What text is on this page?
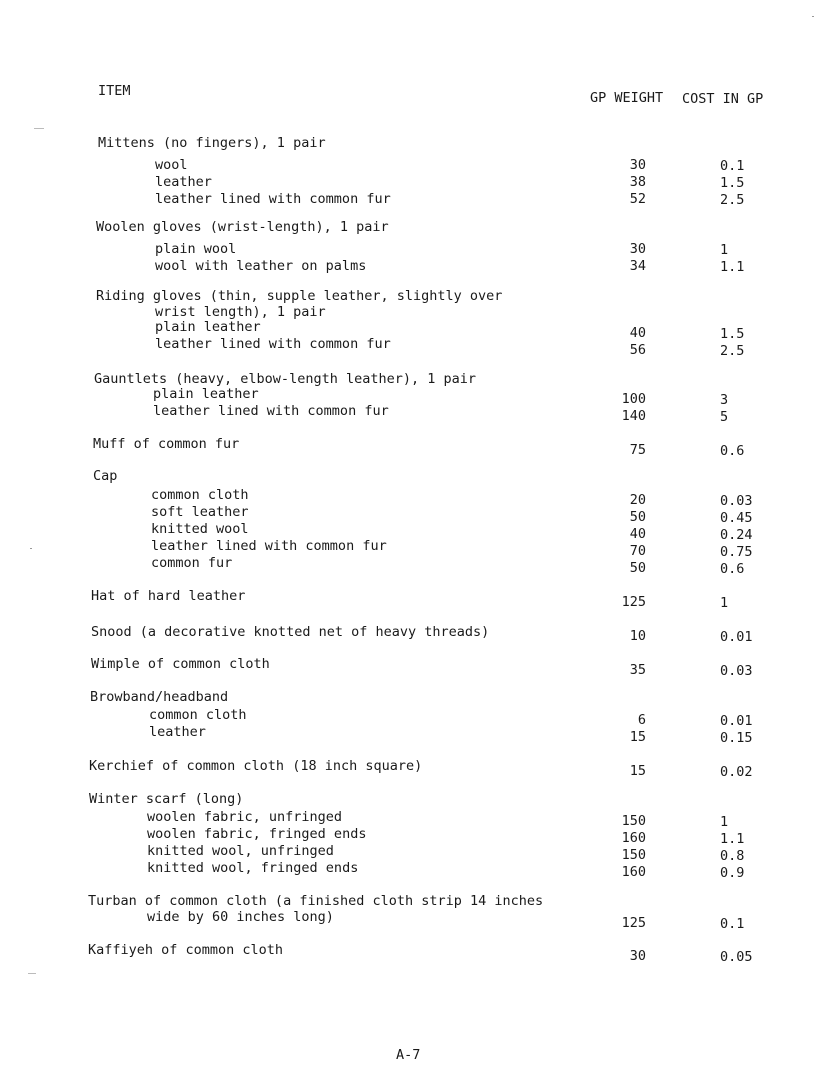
ITEM	GP WEIGHT COST IN GP
Mittens (no fingers), 1 pair
wool	30	0.1
leather	38	1.5
leather lined with common fur	52	2.5
Woolen gloves (wrist-length), 1 pair
plain wool	30	1
wool with leather on palms	34	1.1
Riding gloves (thin, supple leather, slightly over
wrist length), 1 pair
plain leather	40	1.5
leather lined with common fur	56	2.5
Gauntlets (heavy, elbow-length leather), 1 pair
plain leather	100	3
leather lined with common fur	140	5
Muff of common fur	75	0.6
Cap
common cloth	20	0.03
soft leather	50	0.45
knitted wool	40	0.24
leather lined with common fur	70	0.75
common fur	50	0.6
Hat of hard leather	125	1
Snood (a decorative knotted net of heavy threads)	10	0.01
Wimple of common cloth	35	0.03
Browband/headband
common cloth	6	0.01
leather	15	0.15
Kerchief of common cloth (18 inch square)	15	0.02
Winter scarf (long)
woolen fabric, unfringed	150	1
woolen fabric, fringed ends	160	1.1
knitted wool, unfringed	150	0.8
knitted wool, fringed ends	160	0.9
Turban of common cloth (a finished cloth strip 14 inches
wide by 60 inches long)	125	0.1
Kaffiyeh of common cloth	30	0.05
A-7
